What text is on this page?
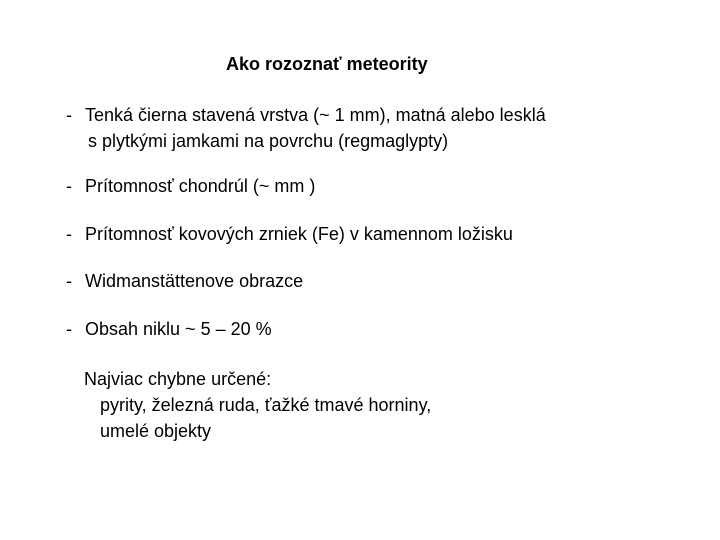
Ako rozoznať meteority
- Tenká čierna stavená vrstva (~ 1 mm), matná alebo lesklá
s plytkými jamkami na povrchu (regmaglypty)
- Prítomnosť chondrúl (~ mm )
- Prítomnosť kovových zrniek (Fe) v kamennom ložisku
- Widmanstättenove obrazce
- Obsah niklu ~ 5 – 20 %
Najviac chybne určené:
pyrity, železná ruda, ťažké tmavé horniny,
umelé objekty
